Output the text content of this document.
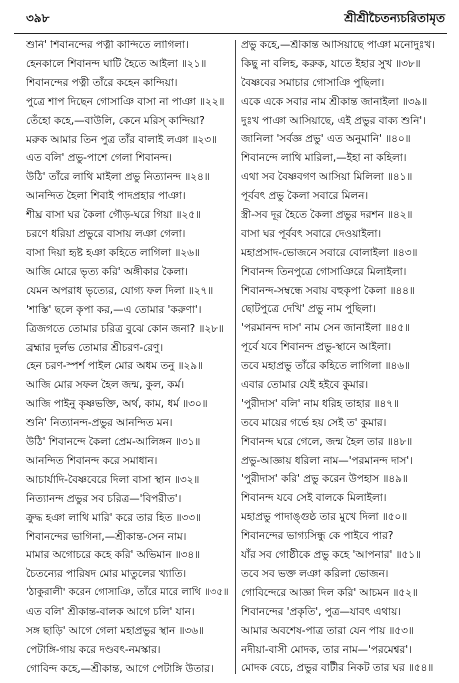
৩৯৮	শ্রীশ্রীচৈতন্যচরিতামৃত
শুনি' শিবানন্দের পত্নী কান্দিতে লাগিলা।
হেনকালে শিবানন্দ ঘাটি হৈতে আইলা ॥২১॥
শিবানন্দের পত্নী তাঁরে কহেন কান্দিয়া।
পুত্রে শাপ দিছেন গোসাঞি বাসা না পাঞা ॥২২॥
তেঁহো কহে,—বাউলি, কেনে মরিস্ কান্দিয়া?
মরুক আমার তিন পুত্র তাঁর বালাই লঞা ॥২৩॥
এত বলি' প্রভু-পাশে গেলা শিবানন্দ।
উঠি' তাঁরে লাথি মাইলা প্রভু নিত্যানন্দ ॥২৪॥
আনন্দিত হৈলা শিবাই পাদপ্রহার পাঞা।
শীঘ্র বাসা ঘর কৈলা গৌড়-ঘরে গিয়া ॥২৫॥
চরণে ধরিয়া প্রভুরে বাসায় লঞা গেলা।
বাসা দিয়া হৃষ্ট হঞা কহিতে লাগিলা ॥২৬॥
আজি মোরে ভৃত্য করি' অঙ্গীকার কৈলা।
যেমন অপরাধ ভৃত্যের, যোগ্য ফল দিলা ॥২৭॥
'শাস্তি' ছলে কৃপা কর,—এ তোমার 'করুণা'।
ত্রিজগতে তোমার চরিত্র বুঝে কোন জনা? ॥২৮॥
ব্রহ্মার দুর্লভ তোমার শ্রীচরণ-রেণু।
হেন চরণ-স্পর্শ পাইল মোর অধম তনু ॥২৯॥
আজি মোর সফল হৈল জন্ম, কুল, কর্ম।
আজি পাইনু কৃষ্ণভক্তি, অর্থ, কাম, ধর্ম ॥৩০॥
শুনি' নিত্যানন্দ-প্রভুর আনন্দিত মন।
উঠি' শিবানন্দে কৈলা প্রেম-আলিঙ্গন ॥৩১॥
আনন্দিত শিবানন্দ করে সমাধান।
আচার্যাদি-বৈষ্ণবেরে দিলা বাসা স্থান ॥৩২॥
নিত্যানন্দ প্রভুর সব চরিত্র—'বিপরীত'।
ক্রুদ্ধ হঞা লাথি মারি' করে তার হিত ॥৩৩॥
শিবানন্দের ভাগিনা,—শ্রীকান্ত-সেন নাম।
মামার অগোচরে কহে করি' অভিমান ॥৩৪॥
চৈতন্যের পারিষদ মোর মাতুলের খ্যাতি।
'ঠাকুরালী' করেন গোসাঞি, তাঁরে মারে লাথি ॥৩৫॥
এত বলি' শ্রীকান্ত-বালক আগে চলি' যান।
সঙ্গ ছাড়ি' আগে গেলা মহাপ্রভুর স্থান ॥৩৬॥
পেটাঙ্গি-গায় করে দণ্ডবৎ-নমস্কার।
গোবিন্দ কহে,—শ্রীকান্ত, আগে পেটাঙ্গি উতার।
প্রভু কহে,—শ্রীকান্ত আসিয়াছে পাঞা মনোদুঃখ।
কিছু না বলিহ, করুক, যাতে ইহার সুখ ॥৩৮॥
বৈষ্ণবের সমাচার গোসাঞি পুছিলা।
একে একে সবার নাম শ্রীকান্ত জানাইলা ॥৩৯॥
দুঃখ পাঞা আসিয়াছে, এই প্রভুর বাক্য শুনি'।
জানিলা 'সর্বজ্ঞ প্রভু' এত অনুমানি' ॥৪০॥
শিবানন্দে লাথি মারিলা,—ইহা না কহিলা।
এথা সব বৈষ্ণবগণ আসিয়া মিলিলা ॥৪১॥
পূর্ববৎ প্রভু কৈলা সবারে মিলন।
স্ত্রী-সব দূর হৈতে কৈলা প্রভুর দরশন ॥৪২॥
বাসা ঘর পূর্ববৎ সবারে দেওয়াইলা।
মহাপ্রসাদ-ভোজনে সবারে বোলাইলা ॥৪৩॥
শিবানন্দ তিনপুত্রে গোসাঞিরে মিলাইলা।
শিবানন্দ-সম্বন্ধে সবায় বহুকৃপা কৈলা ॥৪৪॥
ছোটপুত্রে দেখি' প্রভু নাম পুছিলা।
'পরমানন্দ দাস' নাম সেন জানাইলা ॥৪৫॥
পূর্বে যবে শিবানন্দ প্রভু-স্থানে আইলা।
তবে মহাপ্রভু তাঁরে কহিতে লাগিলা ॥৪৬॥
এবার তোমার যেই হইবে কুমার।
'পুরীদাস' বলি' নাম ধরিহ তাহার ॥৪৭॥
তবে মায়ের গর্ভে হয় সেই ত' কুমার।
শিবানন্দ ঘরে গেলে, জন্ম হৈল তার ॥৪৮॥
প্রভু-আজ্ঞায় ধরিলা নাম—'পরমানন্দ দাস'।
'পুরীদাস' করি' প্রভু করেন উপহাস ॥৪৯॥
শিবানন্দ যবে সেই বালকে মিলাইলা।
মহাপ্রভু পাদাঙ্গুষ্ঠ তার মুখে দিলা ॥৫০॥
শিবানন্দের ভাগ্যসিন্ধু কে পাইবে পার?
যাঁর সব গোষ্ঠীকে প্রভু কহে 'আপনার' ॥৫১॥
তবে সব ভক্ত লঞা করিলা ভোজন।
গোবিন্দেরে আজ্ঞা দিল করি' আচমন ॥৫২॥
শিবানন্দের 'প্রকৃতি', পুত্র—যাবৎ এথায়।
আমার অবশেষ-পাত্র তারা যেন পায় ॥৫৩॥
নদীয়া-বাসী মোদক, তার নাম—'পরমেশ্বর'।
মোদক বেচে, প্রভুর বাটীর নিকট তার ঘর ॥৫৪॥
